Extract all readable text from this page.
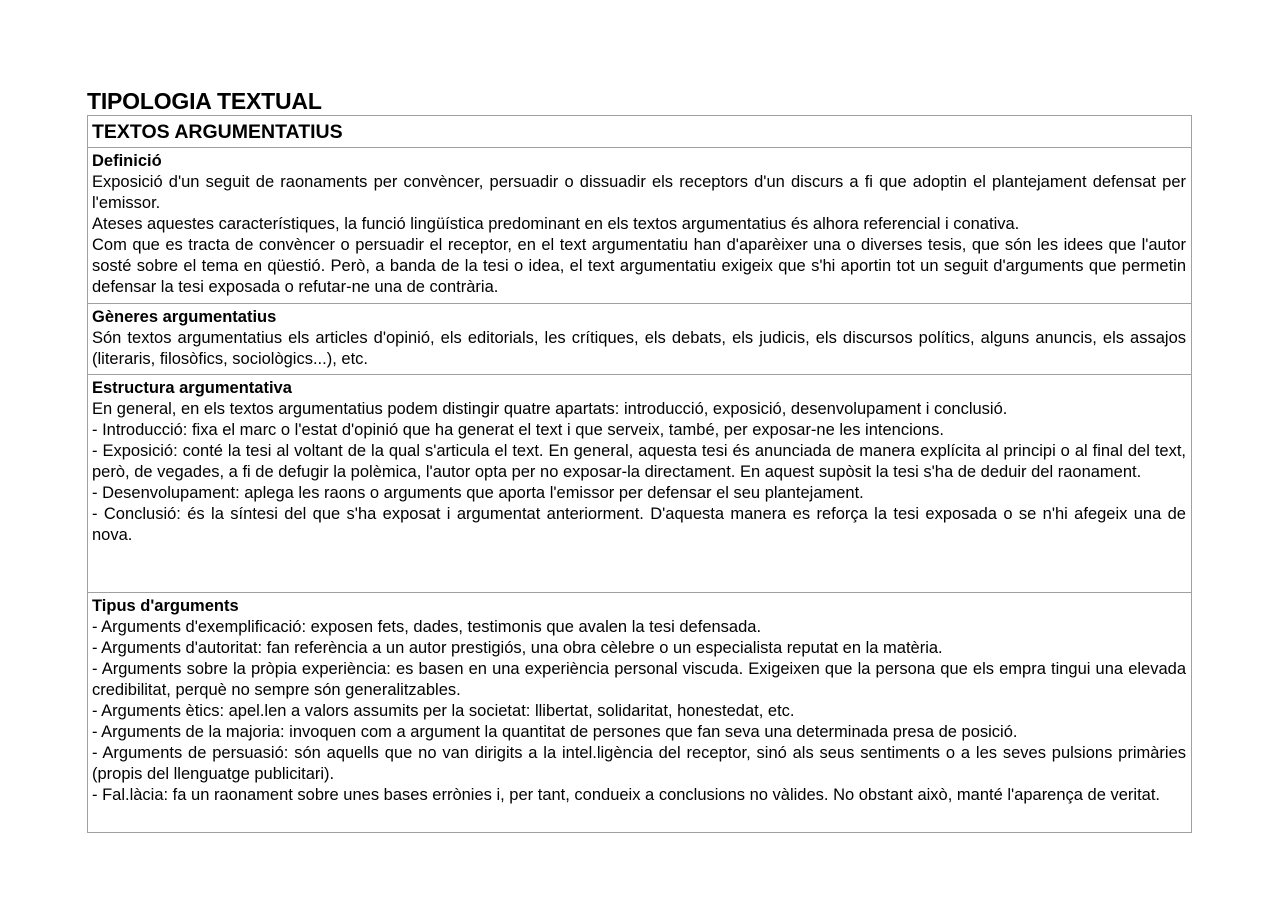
TIPOLOGIA TEXTUAL
TEXTOS ARGUMENTATIUS
Definició

Exposició d'un seguit de raonaments per convèncer, persuadir o dissuadir els receptors d'un discurs a fi que adoptin el plantejament defensat per l'emissor.

Ateses aquestes característiques, la funció lingüística predominant en els textos argumentatius és alhora referencial i conativa.

Com que es tracta de convèncer o persuadir el receptor, en el text argumentatiu han d'aparèixer una o diverses tesis, que són les idees que l'autor sosté sobre el tema en qüestió. Però, a banda de la tesi o idea, el text argumentatiu exigeix que s'hi aportin tot un seguit d'arguments que permetin defensar la tesi exposada o refutar-ne una de contrària.

Gèneres argumentatius

Són textos argumentatius els articles d'opinió, els editorials, les crítiques, els debats, els judicis, els discursos polítics, alguns anuncis, els assajos (literaris, filosòfics, sociològics...), etc.

Estructura argumentativa

En general, en els textos argumentatius podem distingir quatre apartats: introducció, exposició, desenvolupament i conclusió.

- Introducció: fixa el marc o l'estat d'opinió que ha generat el text i que serveix, també, per exposar-ne les intencions.

- Exposició: conté la tesi al voltant de la qual s'articula el text. En general, aquesta tesi és anunciada de manera explícita al principi o al final del text, però, de vegades, a fi de defugir la polèmica, l'autor opta per no exposar-la directament. En aquest supòsit la tesi s'ha de deduir del raonament.

- Desenvolupament: aplega les raons o arguments que aporta l'emissor per defensar el seu plantejament.

- Conclusió: és la síntesi del que s'ha exposat i argumentat anteriorment. D'aquesta manera es reforça la tesi exposada o se n'hi afegeix una de nova.

Tipus d'arguments

- Arguments d'exemplificació: exposen fets, dades, testimonis que avalen la tesi defensada.

- Arguments d'autoritat: fan referència a un autor prestigiós, una obra cèlebre o un especialista reputat en la matèria.

- Arguments sobre la pròpia experiència: es basen en una experiència personal viscuda. Exigeixen que la persona que els empra tingui una elevada credibilitat, perquè no sempre són generalitzables.

- Arguments ètics: apel.len a valors assumits per la societat: llibertat, solidaritat, honestedat, etc.

- Arguments de la majoria: invoquen com a argument la quantitat de persones que fan seva una determinada presa de posició.

- Arguments de persuasió: són aquells que no van dirigits a la intel.ligència del receptor, sinó als seus sentiments o a les seves pulsions primàries (propis del llenguatge publicitari).

- Fal.làcia: fa un raonament sobre unes bases errònies i, per tant, condueix a conclusions no vàlides. No obstant això, manté l'aparença de veritat.
